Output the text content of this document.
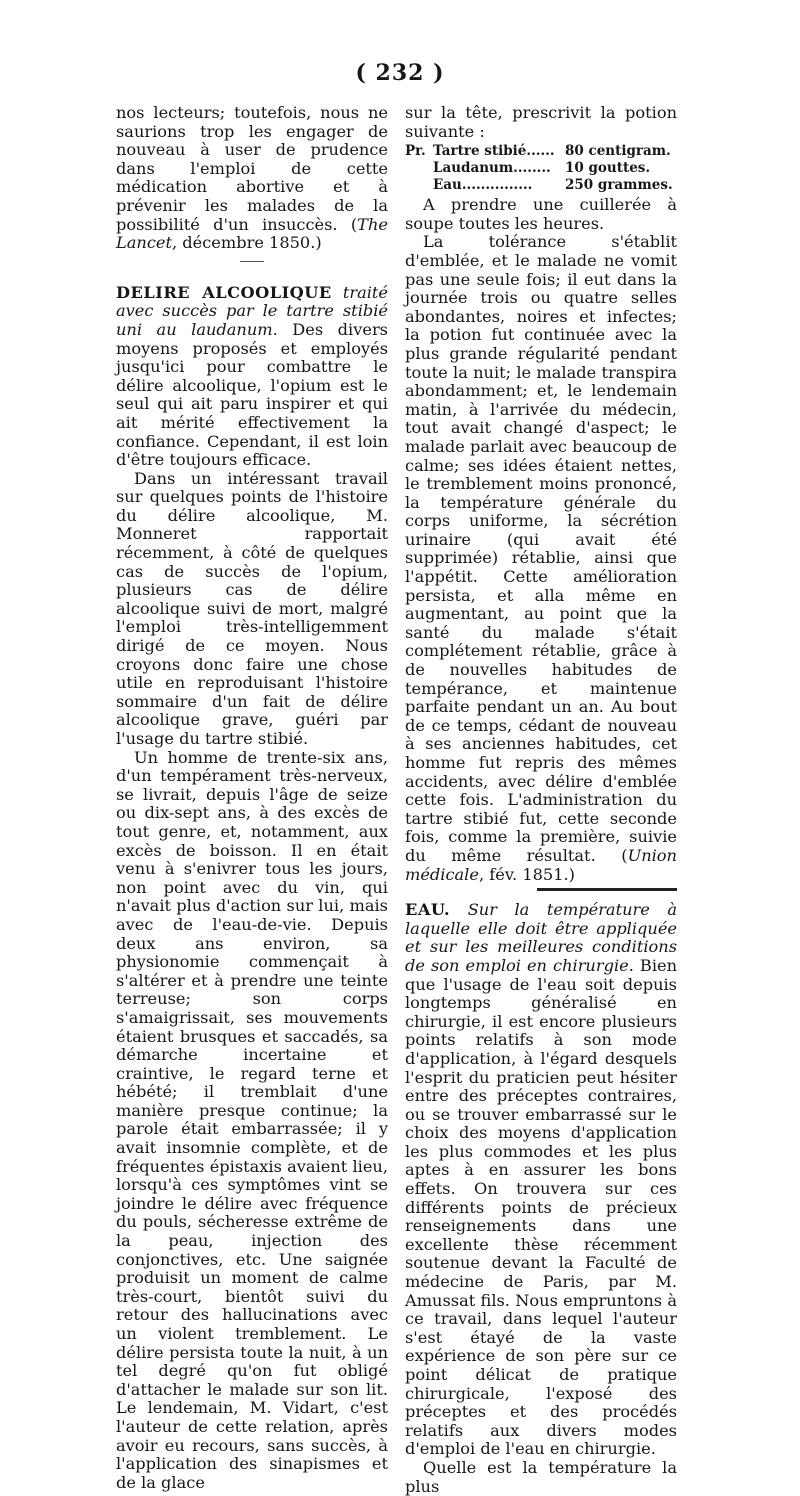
( 232 )

nos lecteurs; toutefois, nous ne saurions trop les engager de nouveau à user de prudence dans l'emploi de cette médication abortive et à prévenir les malades de la possibilité d'un insuccès. (The Lancet, décembre 1850.)

DELIRE ALCOOLIQUE traité avec succès par le tartre stibié uni au laudanum. Des divers moyens proposés et employés jusqu'ici pour combattre le délire alcoolique, l'opium est le seul qui ait paru inspirer et qui ait mérité effectivement la confiance. Cependant, il est loin d'être toujours efficace.

Dans un intéressant travail sur quelques points de l'histoire du délire alcoolique, M. Monneret rapportait récemment, à côté de quelques cas de succès de l'opium, plusieurs cas de délire alcoolique suivi de mort, malgré l'emploi très-intelligemment dirigé de ce moyen. Nous croyons donc faire une chose utile en reproduisant l'histoire sommaire d'un fait de délire alcoolique grave, guéri par l'usage du tartre stibié.

Un homme de trente-six ans, d'un tempérament très-nerveux, se livrait, depuis l'âge de seize ou dix-sept ans, à des excès de tout genre, et, notamment, aux excès de boisson. Il en était venu à s'enivrer tous les jours, non point avec du vin, qui n'avait plus d'action sur lui, mais avec de l'eau-de-vie. Depuis deux ans environ, sa physionomie commençait à s'altérer et à prendre une teinte terreuse; son corps s'amaigrissait, ses mouvements étaient brusques et saccadés, sa démarche incertaine et craintive, le regard terne et hébété; il tremblait d'une manière presque continue; la parole était embarrassée; il y avait insomnie complète, et de fréquentes épistaxis avaient lieu, lorsqu'à ces symptômes vint se joindre le délire avec fréquence du pouls, sécheresse extrême de la peau, injection des conjonctives, etc. Une saignée produisit un moment de calme très-court, bientôt suivi du retour des hallucinations avec un violent tremblement. Le délire persista toute la nuit, à un tel degré qu'on fut obligé d'attacher le malade sur son lit. Le lendemain, M. Vidart, c'est l'auteur de cette relation, après avoir eu recours, sans succès, à l'application des sinapismes et de la glace

sur la tête, prescrivit la potion suivante :

Pr.	Tartre stibié......	80 centigram.
	Laudanum........	10 gouttes.
	Eau...............	250 grammes.

A prendre une cuillerée à soupe toutes les heures.

La tolérance s'établit d'emblée, et le malade ne vomit pas une seule fois; il eut dans la journée trois ou quatre selles abondantes, noires et infectes; la potion fut continuée avec la plus grande régularité pendant toute la nuit; le malade transpira abondamment; et, le lendemain matin, à l'arrivée du médecin, tout avait changé d'aspect; le malade parlait avec beaucoup de calme; ses idées étaient nettes, le tremblement moins prononcé, la température générale du corps uniforme, la sécrétion urinaire (qui avait été supprimée) rétablie, ainsi que l'appétit. Cette amélioration persista, et alla même en augmentant, au point que la santé du malade s'était complétement rétablie, grâce à de nouvelles habitudes de tempérance, et maintenue parfaite pendant un an. Au bout de ce temps, cédant de nouveau à ses anciennes habitudes, cet homme fut repris des mêmes accidents, avec délire d'emblée cette fois. L'administration du tartre stibié fut, cette seconde fois, comme la première, suivie du même résultat. (Union médicale, fév. 1851.)

EAU. Sur la température à laquelle elle doit être appliquée et sur les meilleures conditions de son emploi en chirurgie. Bien que l'usage de l'eau soit depuis longtemps généralisé en chirurgie, il est encore plusieurs points relatifs à son mode d'application, à l'égard desquels l'esprit du praticien peut hésiter entre des préceptes contraires, ou se trouver embarrassé sur le choix des moyens d'application les plus commodes et les plus aptes à en assurer les bons effets. On trouvera sur ces différents points de précieux renseignements dans une excellente thèse récemment soutenue devant la Faculté de médecine de Paris, par M. Amussat fils. Nous empruntons à ce travail, dans lequel l'auteur s'est étayé de la vaste expérience de son père sur ce point délicat de pratique chirurgicale, l'exposé des préceptes et des procédés relatifs aux divers modes d'emploi de l'eau en chirurgie.

Quelle est la température la plus
